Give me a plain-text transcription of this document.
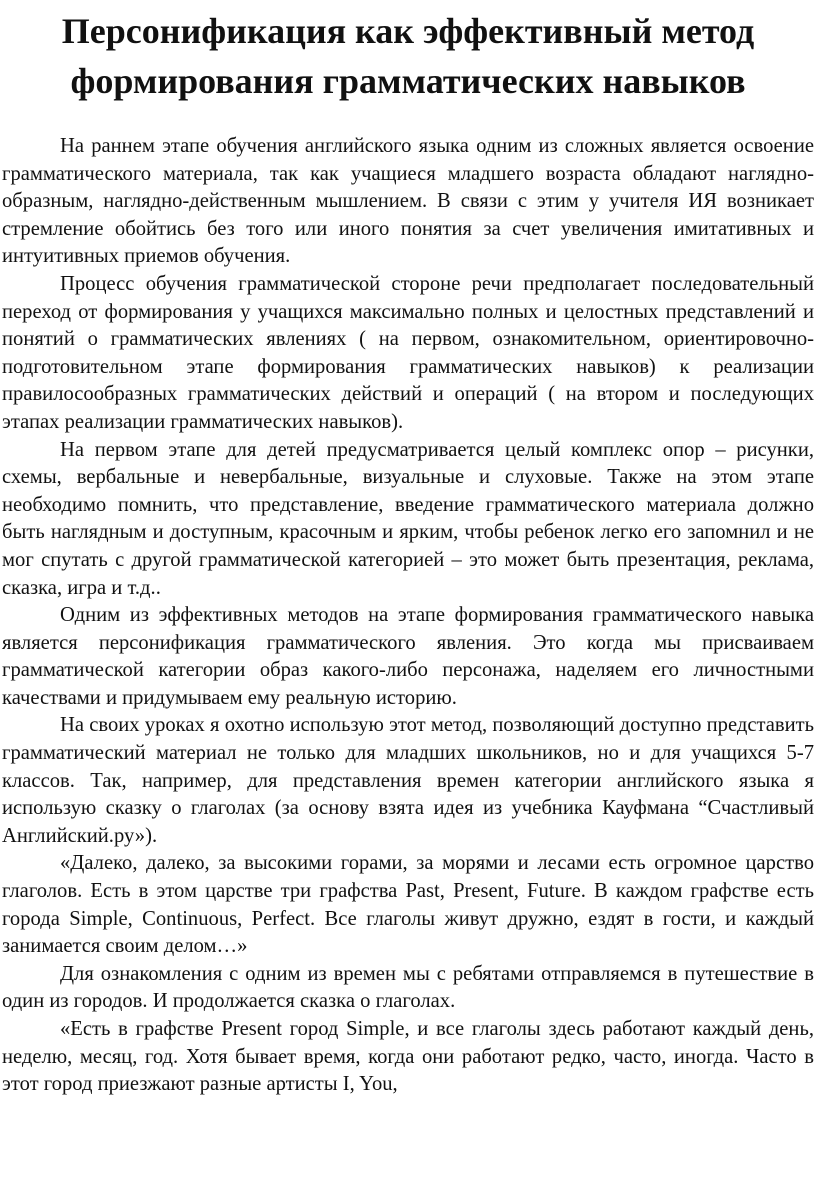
Персонификация как эффективный метод формирования грамматических навыков

На раннем этапе обучения английского языка одним из сложных является освоение грамматического материала, так как учащиеся младшего возраста обладают наглядно-образным, наглядно-действенным мышлением. В связи с этим у учителя ИЯ возникает стремление обойтись без того или иного понятия за счет увеличения имитативных и интуитивных приемов обучения.

Процесс обучения грамматической стороне речи предполагает последовательный переход от формирования у учащихся максимально полных и целостных представлений и понятий о грамматических явлениях ( на первом, ознакомительном, ориентировочно-подготовительном этапе формирования грамматических навыков) к реализации правилосообразных грамматических действий и операций ( на втором и последующих этапах реализации грамматических навыков).

На первом этапе для детей предусматривается целый комплекс опор – рисунки, схемы, вербальные и невербальные, визуальные и слуховые. Также на этом этапе необходимо помнить, что представление, введение грамматического материала должно быть наглядным и доступным, красочным и ярким, чтобы ребенок легко его запомнил и не мог спутать с другой грамматической категорией – это может быть презентация, реклама, сказка, игра и т.д..

Одним из эффективных методов на этапе формирования грамматического навыка является персонификация грамматического явления. Это когда мы присваиваем грамматической категории образ какого-либо персонажа, наделяем его личностными качествами и придумываем ему реальную историю.

На своих уроках я охотно использую этот метод, позволяющий доступно представить грамматический материал не только для младших школьников, но и для учащихся 5-7 классов. Так, например, для представления времен категории английского языка я использую сказку о глаголах (за основу взята идея из учебника Кауфмана “Счастливый Английский.ру»).

«Далеко, далеко, за высокими горами, за морями и лесами есть огромное царство глаголов. Есть в этом царстве три графства Past, Present, Future. В каждом графстве есть города Simple, Continuous, Perfect. Все глаголы живут дружно, ездят в гости, и каждый занимается своим делом…»

Для ознакомления с одним из времен мы с ребятами отправляемся в путешествие в один из городов. И продолжается сказка о глаголах.

«Есть в графстве Present город Simple, и все глаголы здесь работают каждый день, неделю, месяц, год. Хотя бывает время, когда они работают редко, часто, иногда. Часто в этот город приезжают разные артисты I, You,
